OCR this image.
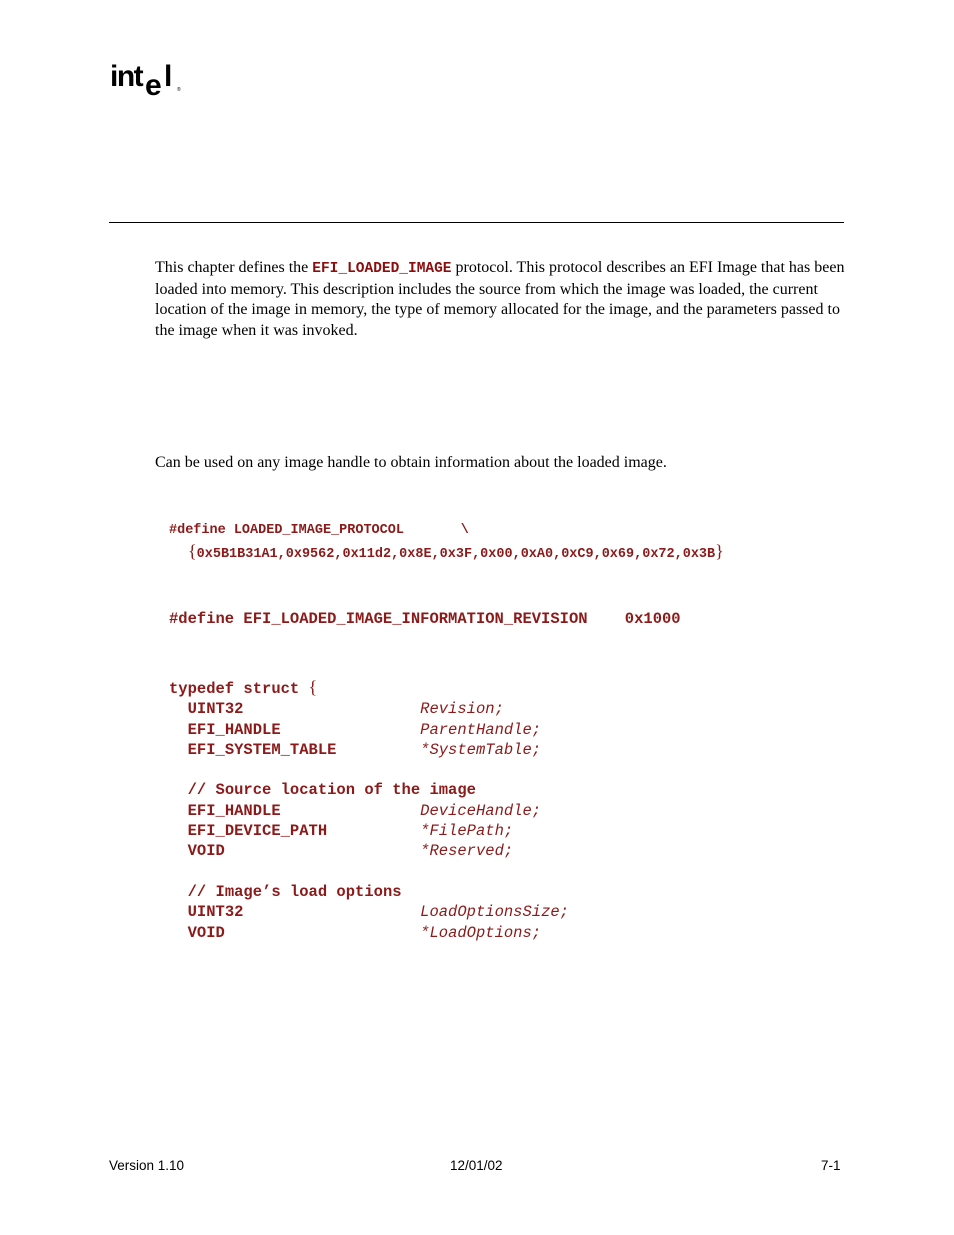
int e l ®
This chapter defines the EFI_LOADED_IMAGE protocol. This protocol describes an EFI Image that has been loaded into memory. This description includes the source from which the image was loaded, the current location of the image in memory, the type of memory allocated for the image, and the parameters passed to the image when it was invoked.
Can be used on any image handle to obtain information about the loaded image.
#define LOADED_IMAGE_PROTOCOL	\
{0x5B1B31A1,0x9562,0x11d2,0x8E,0x3F,0x00,0xA0,0xC9,0x69,0x72,0x3B}
#define EFI_LOADED_IMAGE_INFORMATION_REVISION 0x1000
typedef struct {
UINT32	Revision;
EFI_HANDLE	ParentHandle;
EFI_SYSTEM_TABLE	*SystemTable;

// Source location of the image
EFI_HANDLE	DeviceHandle;
EFI_DEVICE_PATH	*FilePath;
VOID	*Reserved;

// Image’s load options
UINT32	LoadOptionsSize;
VOID	*LoadOptions;
Version 1.10	12/01/02	7-1
